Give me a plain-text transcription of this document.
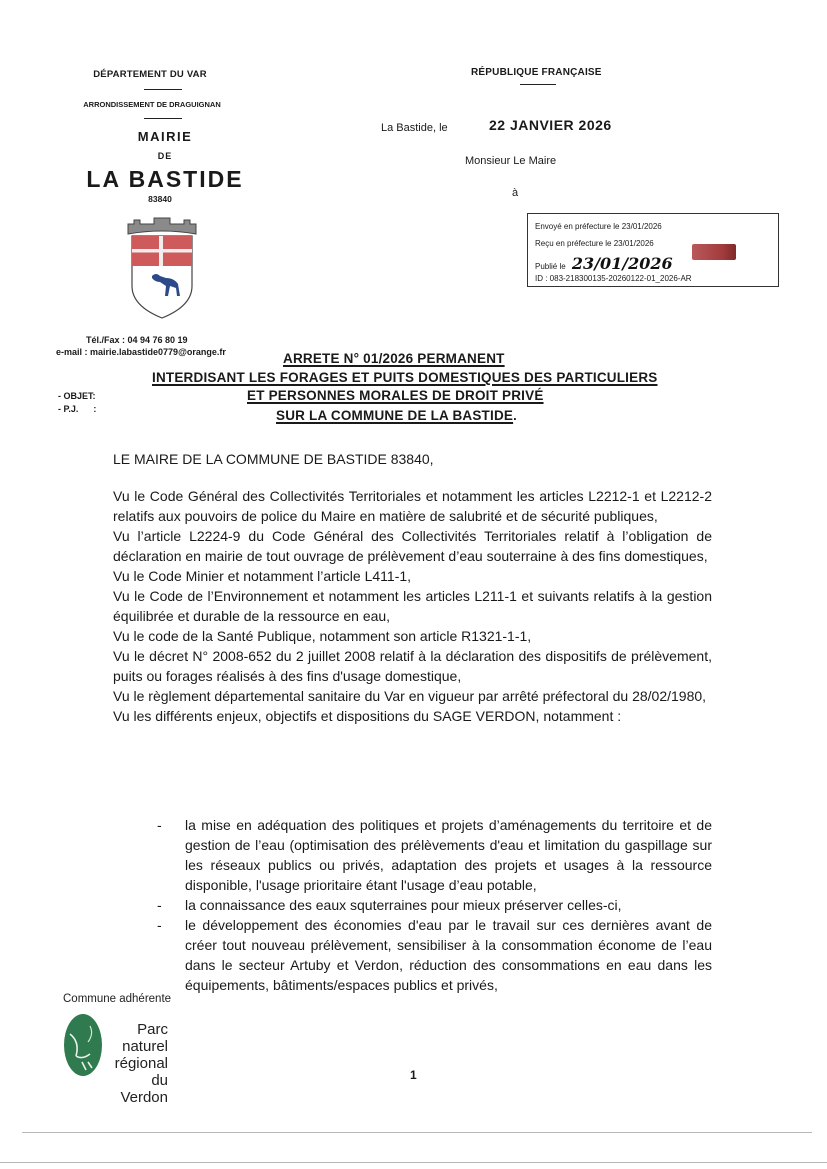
DÉPARTEMENT DU VAR
ARRONDISSEMENT DE DRAGUIGNAN
MAIRIE
DE
LA BASTIDE
83840
Tél./Fax : 04 94 76 80 19
e-mail : mairie.labastide0779@orange.fr
RÉPUBLIQUE FRANÇAISE
La Bastide, le	22 JANVIER 2026
Monsieur Le Maire
à
Envoyé en préfecture le 23/01/2026
Reçu en préfecture le 23/01/2026
Publié le 23/01/2026
ID : 083-218300135-20260122-01_2026-AR
ARRETE N° 01/2026 PERMANENT
INTERDISANT LES FORAGES ET PUITS DOMESTIQUES DES PARTICULIERS
ET PERSONNES MORALES DE DROIT PRIVÉ
SUR LA COMMUNE DE LA BASTIDE.
- OBJET:
- P.J.      :
LE MAIRE DE LA COMMUNE DE BASTIDE 83840,

Vu le Code Général des Collectivités Territoriales et notamment les articles L2212-1 et L2212-2 relatifs aux pouvoirs de police du Maire en matière de salubrité et de sécurité publiques,

Vu l’article L2224-9 du Code Général des Collectivités Territoriales relatif à l’obligation de déclaration en mairie de tout ouvrage de prélèvement d’eau souterraine à des fins domestiques,

Vu le Code Minier et notamment l’article L411-1,

Vu le Code de l’Environnement et notamment les articles L211-1 et suivants relatifs à la gestion équilibrée et durable de la ressource en eau,

Vu le code de la Santé Publique, notamment son article R1321-1-1,

Vu le décret N° 2008-652 du 2 juillet 2008 relatif à la déclaration des dispositifs de prélèvement, puits ou forages réalisés à des fins d'usage domestique,

Vu le règlement départemental sanitaire du Var en vigueur par arrêté préfectoral du 28/02/1980,

Vu les différents enjeux, objectifs et dispositions du SAGE VERDON, notamment :

- la mise en adéquation des politiques et projets d’aménagements du territoire et de gestion de l’eau (optimisation des prélèvements d'eau et limitation du gaspillage sur les réseaux publics ou privés, adaptation des projets et usages à la ressource disponible, l'usage prioritaire étant l'usage d’eau potable,
- la connaissance des eaux squterraines pour mieux préserver celles-ci,
- le développement des économies d'eau par le travail sur ces dernières avant de créer tout nouveau prélèvement, sensibiliser à la consommation économe de l’eau dans le secteur Artuby et Verdon, réduction des consommations en eau dans les équipements, bâtiments/espaces publics et privés,
Commune adhérente
Parc
naturel
régional
du Verdon
1
